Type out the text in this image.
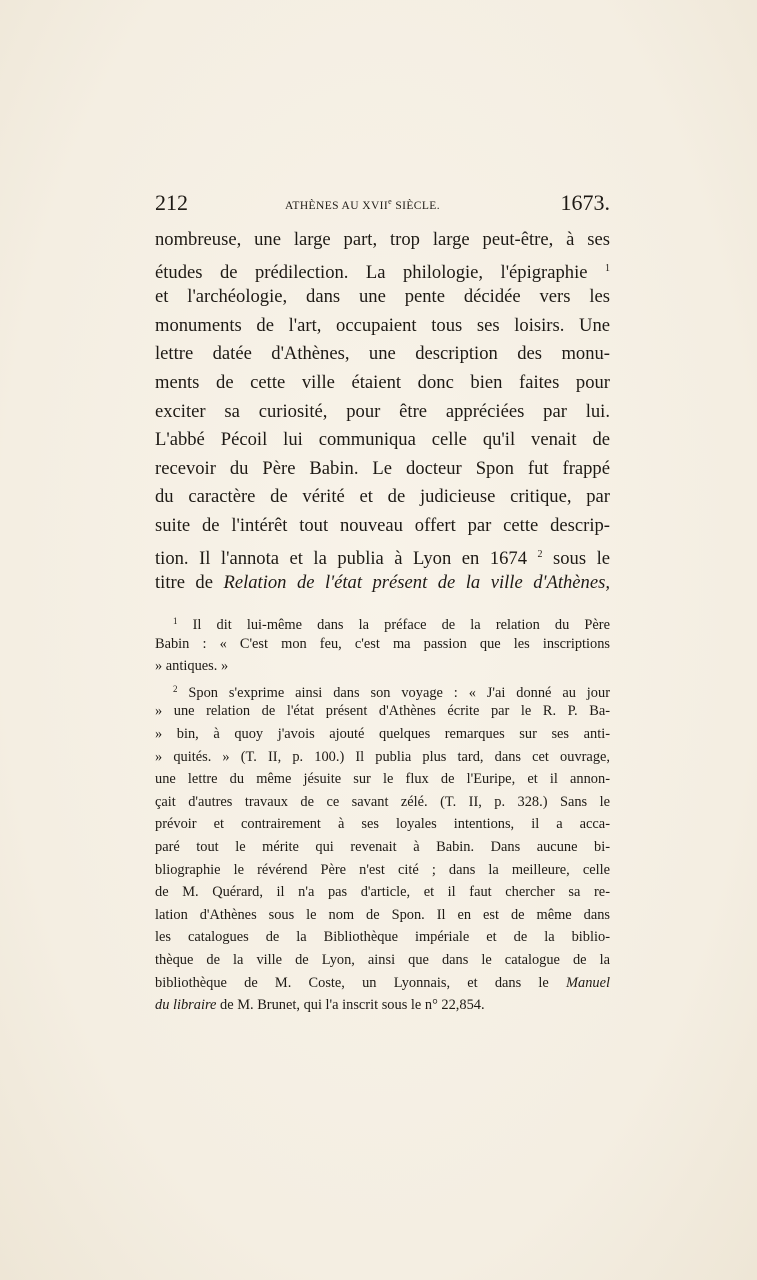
212	ATHÈNES AU XVIIe SIÈCLE.	1673.
nombreuse, une large part, trop large peut-être, à ses
études de prédilection. La philologie, l'épigraphie $^1$
et l'archéologie, dans une pente décidée vers les
monuments de l'art, occupaient tous ses loisirs. Une
lettre datée d'Athènes, une description des monu-
ments de cette ville étaient donc bien faites pour
exciter sa curiosité, pour être appréciées par lui.
L'abbé Pécoil lui communiqua celle qu'il venait de
recevoir du Père Babin. Le docteur Spon fut frappé
du caractère de vérité et de judicieuse critique, par
suite de l'intérêt tout nouveau offert par cette descrip-
tion. Il l'annota et la publia à Lyon en 1674 $^2$ sous le
titre de Relation de l'état présent de la ville d'Athènes,
$^1$ Il dit lui-même dans la préface de la relation du Père
Babin : « C'est mon feu, c'est ma passion que les inscriptions
» antiques. »
$^2$ Spon s'exprime ainsi dans son voyage : « J'ai donné au jour
» une relation de l'état présent d'Athènes écrite par le R. P. Ba-
» bin, à quoy j'avois ajouté quelques remarques sur ses anti-
» quités. » (T. II, p. 100.) Il publia plus tard, dans cet ouvrage,
une lettre du même jésuite sur le flux de l'Euripe, et il annon-
çait d'autres travaux de ce savant zélé. (T. II, p. 328.) Sans le
prévoir et contrairement à ses loyales intentions, il a acca-
paré tout le mérite qui revenait à Babin. Dans aucune bi-
bliographie le révérend Père n'est cité ; dans la meilleure, celle
de M. Quérard, il n'a pas d'article, et il faut chercher sa re-
lation d'Athènes sous le nom de Spon. Il en est de même dans
les catalogues de la Bibliothèque impériale et de la biblio-
thèque de la ville de Lyon, ainsi que dans le catalogue de la
bibliothèque de M. Coste, un Lyonnais, et dans le Manuel
du libraire de M. Brunet, qui l'a inscrit sous le n° 22,854.
